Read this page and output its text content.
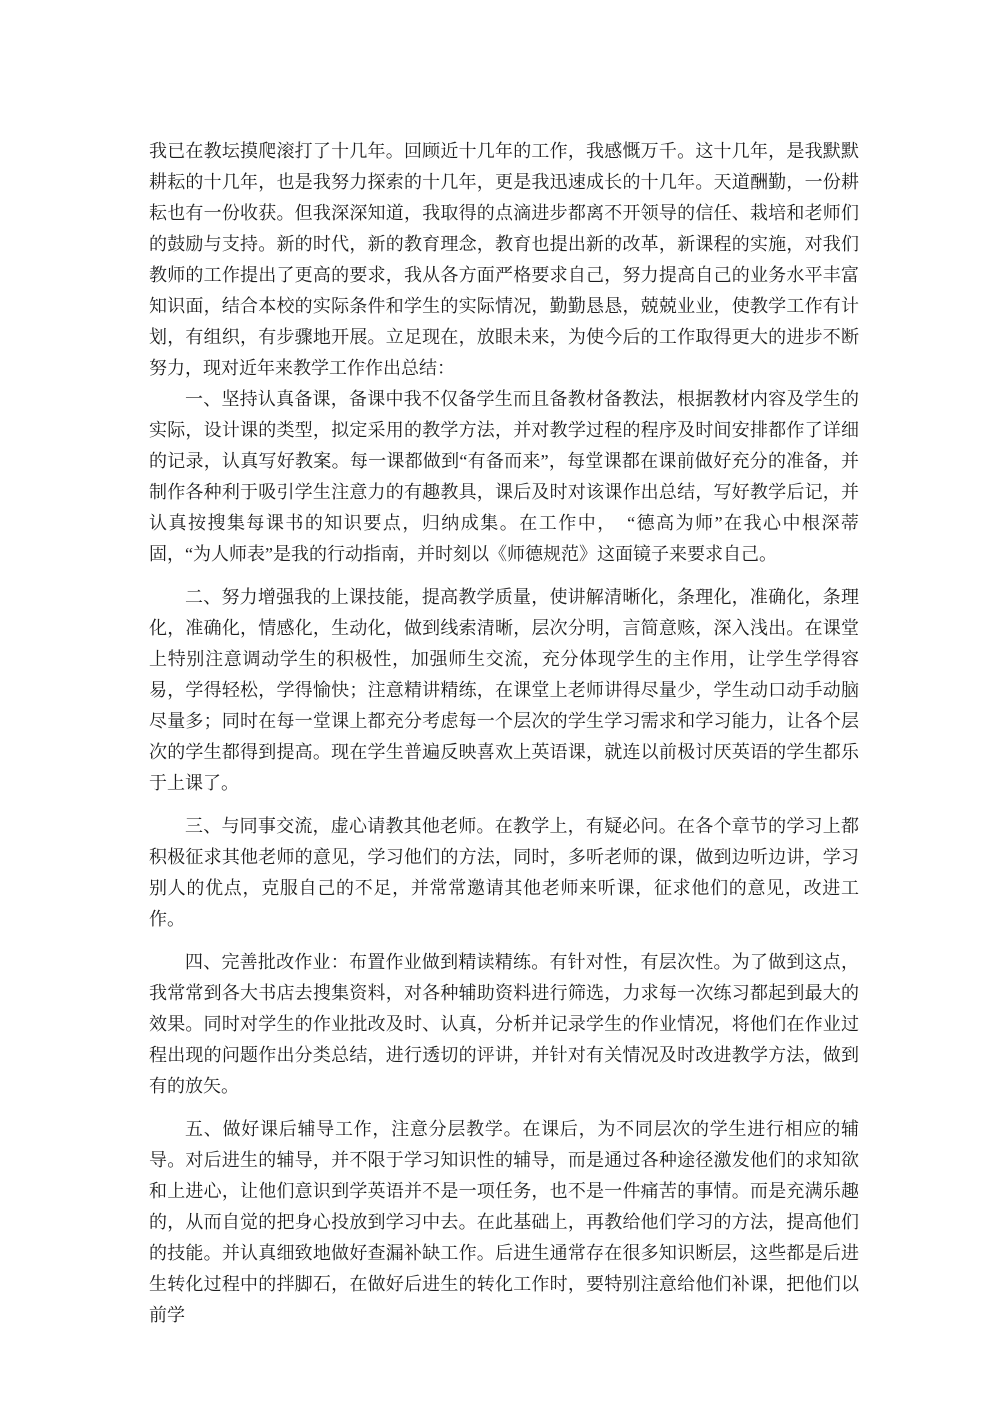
我已在教坛摸爬滚打了十几年。回顾近十几年的工作，我感慨万千。这十几年，是我默默耕耘的十几年，也是我努力探索的十几年，更是我迅速成长的十几年。天道酬勤，一份耕耘也有一份收获。但我深深知道，我取得的点滴进步都离不开领导的信任、栽培和老师们的鼓励与支持。新的时代，新的教育理念，教育也提出新的改革，新课程的实施，对我们教师的工作提出了更高的要求，我从各方面严格要求自己，努力提高自己的业务水平丰富知识面，结合本校的实际条件和学生的实际情况，勤勤恳恳，兢兢业业，使教学工作有计划，有组织，有步骤地开展。立足现在，放眼未来，为使今后的工作取得更大的进步不断努力，现对近年来教学工作作出总结：

一、坚持认真备课，备课中我不仅备学生而且备教材备教法，根据教材内容及学生的实际，设计课的类型，拟定采用的教学方法，并对教学过程的程序及时间安排都作了详细的记录，认真写好教案。每一课都做到“有备而来”，每堂课都在课前做好充分的准备，并制作各种利于吸引学生注意力的有趣教具，课后及时对该课作出总结，写好教学后记，并认真按搜集每课书的知识要点，归纳成集。在工作中，　“德高为师”在我心中根深蒂固，“为人师表”是我的行动指南，并时刻以《师德规范》这面镜子来要求自己。

二、努力增强我的上课技能，提高教学质量，使讲解清晰化，条理化，准确化，条理化，准确化，情感化，生动化，做到线索清晰，层次分明，言简意赅，深入浅出。在课堂上特别注意调动学生的积极性，加强师生交流，充分体现学生的主作用，让学生学得容易，学得轻松，学得愉快；注意精讲精练，在课堂上老师讲得尽量少，学生动口动手动脑尽量多；同时在每一堂课上都充分考虑每一个层次的学生学习需求和学习能力，让各个层次的学生都得到提高。现在学生普遍反映喜欢上英语课，就连以前极讨厌英语的学生都乐于上课了。

三、与同事交流，虚心请教其他老师。在教学上，有疑必问。在各个章节的学习上都积极征求其他老师的意见，学习他们的方法，同时，多听老师的课，做到边听边讲，学习别人的优点，克服自己的不足，并常常邀请其他老师来听课，征求他们的意见，改进工作。

四、完善批改作业：布置作业做到精读精练。有针对性，有层次性。为了做到这点，我常常到各大书店去搜集资料，对各种辅助资料进行筛选，力求每一次练习都起到最大的效果。同时对学生的作业批改及时、认真，分析并记录学生的作业情况，将他们在作业过程出现的问题作出分类总结，进行透切的评讲，并针对有关情况及时改进教学方法，做到有的放矢。

五、做好课后辅导工作，注意分层教学。在课后，为不同层次的学生进行相应的辅导。对后进生的辅导，并不限于学习知识性的辅导，而是通过各种途径激发他们的求知欲和上进心，让他们意识到学英语并不是一项任务，也不是一件痛苦的事情。而是充满乐趣的，从而自觉的把身心投放到学习中去。在此基础上，再教给他们学习的方法，提高他们的技能。并认真细致地做好查漏补缺工作。后进生通常存在很多知识断层，这些都是后进生转化过程中的拌脚石，在做好后进生的转化工作时，要特别注意给他们补课，把他们以前学
